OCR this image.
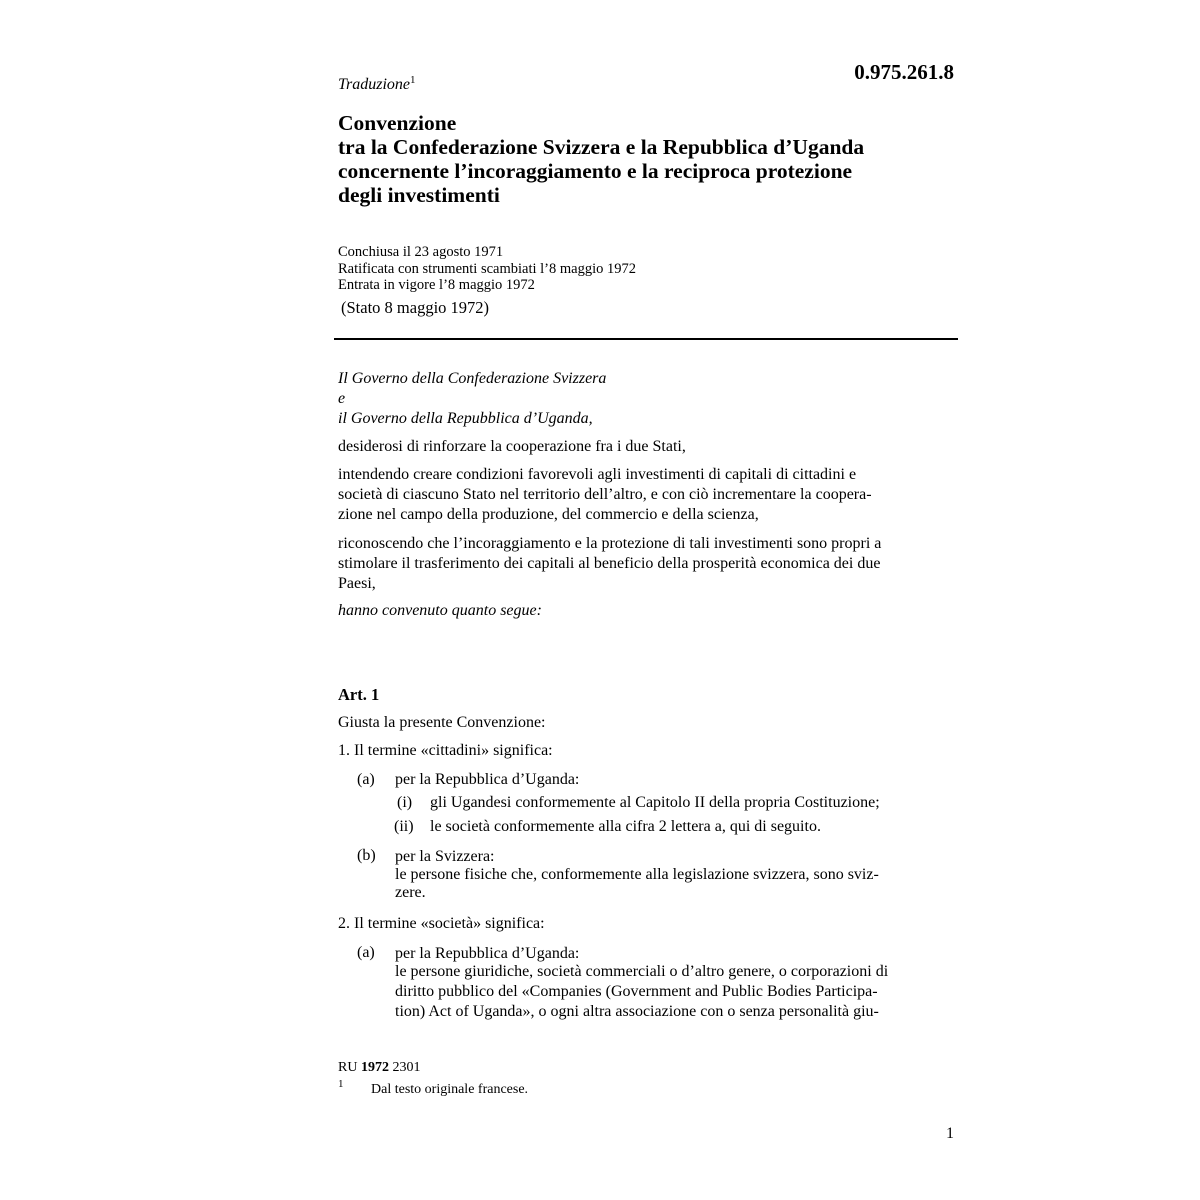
0.975.261.8
Traduzione$^1$
Convenzione
tra la Confederazione Svizzera e la Repubblica d’Uganda
concernente l’incoraggiamento e la reciproca protezione
degli investimenti
Conchiusa il 23 agosto 1971
Ratificata con strumenti scambiati l’8 maggio 1972
Entrata in vigore l’8 maggio 1972
(Stato 8 maggio 1972)
Il Governo della Confederazione Svizzera
e
il Governo della Repubblica d’Uganda,
desiderosi di rinforzare la cooperazione fra i due Stati,
intendendo creare condizioni favorevoli agli investimenti di capitali di cittadini e
società di ciascuno Stato nel territorio dell’altro, e con ciò incrementare la coopera-
zione nel campo della produzione, del commercio e della scienza,
riconoscendo che l’incoraggiamento e la protezione di tali investimenti sono propri a
stimolare il trasferimento dei capitali al beneficio della prosperità economica dei due
Paesi,
hanno convenuto quanto segue:
Art. 1
Giusta la presente Convenzione:
1. Il termine «cittadini» significa:
(a) per la Repubblica d’Uganda:
(i) gli Ugandesi conformemente al Capitolo II della propria Costituzione;
(ii) le società conformemente alla cifra 2 lettera a, qui di seguito.
(b) per la Svizzera:
le persone fisiche che, conformemente alla legislazione svizzera, sono sviz-
zere.
2. Il termine «società» significa:
(a) per la Repubblica d’Uganda:
le persone giuridiche, società commerciali o d’altro genere, o corporazioni di
diritto pubblico del «Companies (Government and Public Bodies Participa-
tion) Act of Uganda», o ogni altra associazione con o senza personalità giu-
RU 1972 2301
1 Dal testo originale francese.
1
